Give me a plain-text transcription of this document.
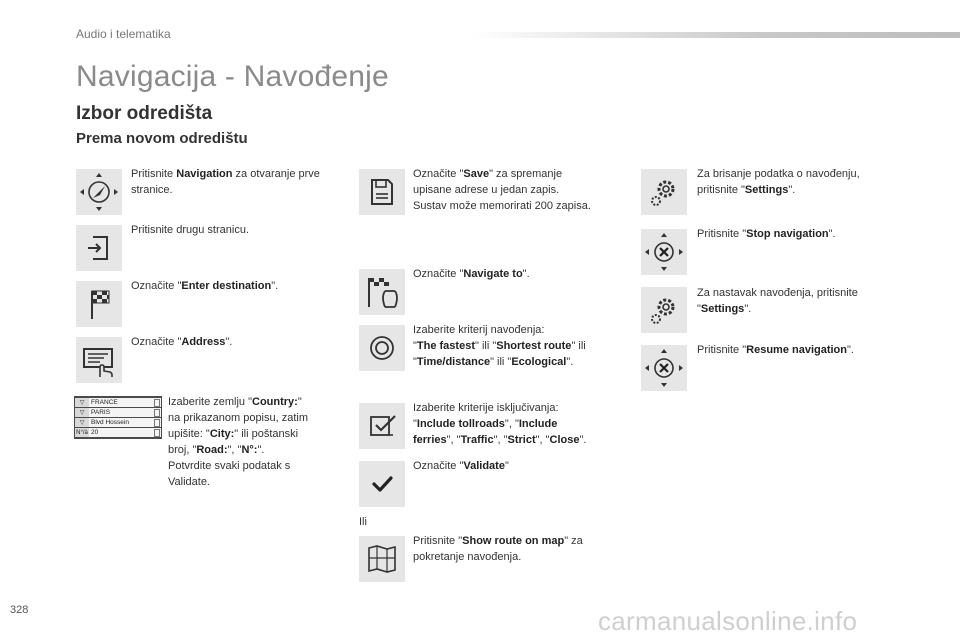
Audio i telematika
Navigacija - Navođenje
Izbor odredišta
Prema novom odredištu
Pritisnite Navigation za otvaranje prve stranice.
Pritisnite drugu stranicu.
Označite "Enter destination".
Označite "Address".
▽	FRANCE
▽	PARIS
▽	Blvd Hossein
N°/à 20
Izaberite zemlju "Country:"
na prikazanom popisu, zatim
upišite: "City:" ili poštanski
broj, "Road:", "N°:".
Potvrdite svaki podatak s
Validate.
Označite "Save" za spremanje
upisane adrese u jedan zapis.
Sustav može memorirati 200 zapisa.
Označite "Navigate to".
Izaberite kriterij navođenja:
"The fastest" ili "Shortest route" ili
"Time/distance" ili "Ecological".
Izaberite kriterije isključivanja:
"Include tollroads", "Include
ferries", "Traffic", "Strict", "Close".
Označite "Validate"
Ili
Pritisnite "Show route on map" za
pokretanje navođenja.
Za brisanje podatka o navođenju,
pritisnite "Settings".
Pritisnite "Stop navigation".
Za nastavak navođenja, pritisnite
"Settings".
Pritisnite "Resume navigation".
328	carmanualsonline.info
